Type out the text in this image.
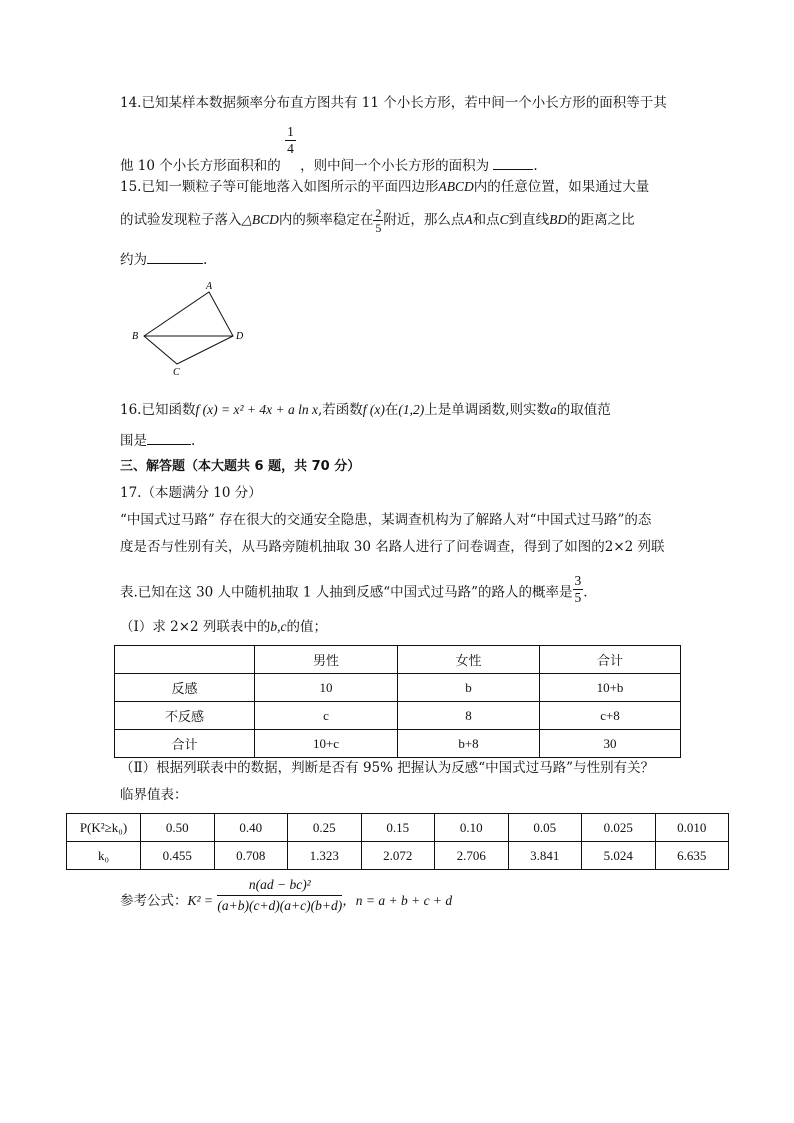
14.已知某样本数据频率分布直方图共有 11 个小长方形，若中间一个小长方形的面积等于其
他 10 个小长方形面积和的
$\frac{1}{4}$
，则中间一个小长方形的面积为	.
15.已知一颗粒子等可能地落入如图所示的平面四边形ABCD内的任意位置，如果通过大量
的试验发现粒子落入△BCD内的频率稳定在 $\frac{2}{5}$ 附近，那么点A和点C到直线BD的距离之比
约为	.
A
B
C
D
16.已知函数f (x) = x² + 4x + a ln x,若函数f (x)在(1,2)上是单调函数,则实数a的取值范
围是	.
三、解答题（本大题共 6 题，共 70 分）
17.（本题满分 10 分）
“中国式过马路” 存在很大的交通安全隐患，某调查机构为了解路人对“中国式过马路”的态
度是否与性别有关，从马路旁随机抽取 30 名路人进行了问卷调查，得到了如图的2×2 列联
表.已知在这 30 人中随机抽取 1 人抽到反感“中国式过马路”的路人的概率是 $\frac{3}{5}$ .
（Ⅰ）求 2×2 列联表中的b,c的值；
	男性	女性	合计
反感	10	b	10+b
不反感	c	8	c+8
合计	10+c	b+8	30
（Ⅱ）根据列联表中的数据，判断是否有 95% 把握认为反感“中国式过马路”与性别有关？
临界值表：
P(K²≥k₀)	0.50	0.40	0.25	0.15	0.10	0.05	0.025	0.010
k₀	0.455	0.708	1.323	2.072	2.706	3.841	5.024	6.635
参考公式：$K^2 = \frac{\text{n(ad − bc)²}}{(a+b)(c+d)(a+c)(b+d)}$ ，n = a + b + c + d
